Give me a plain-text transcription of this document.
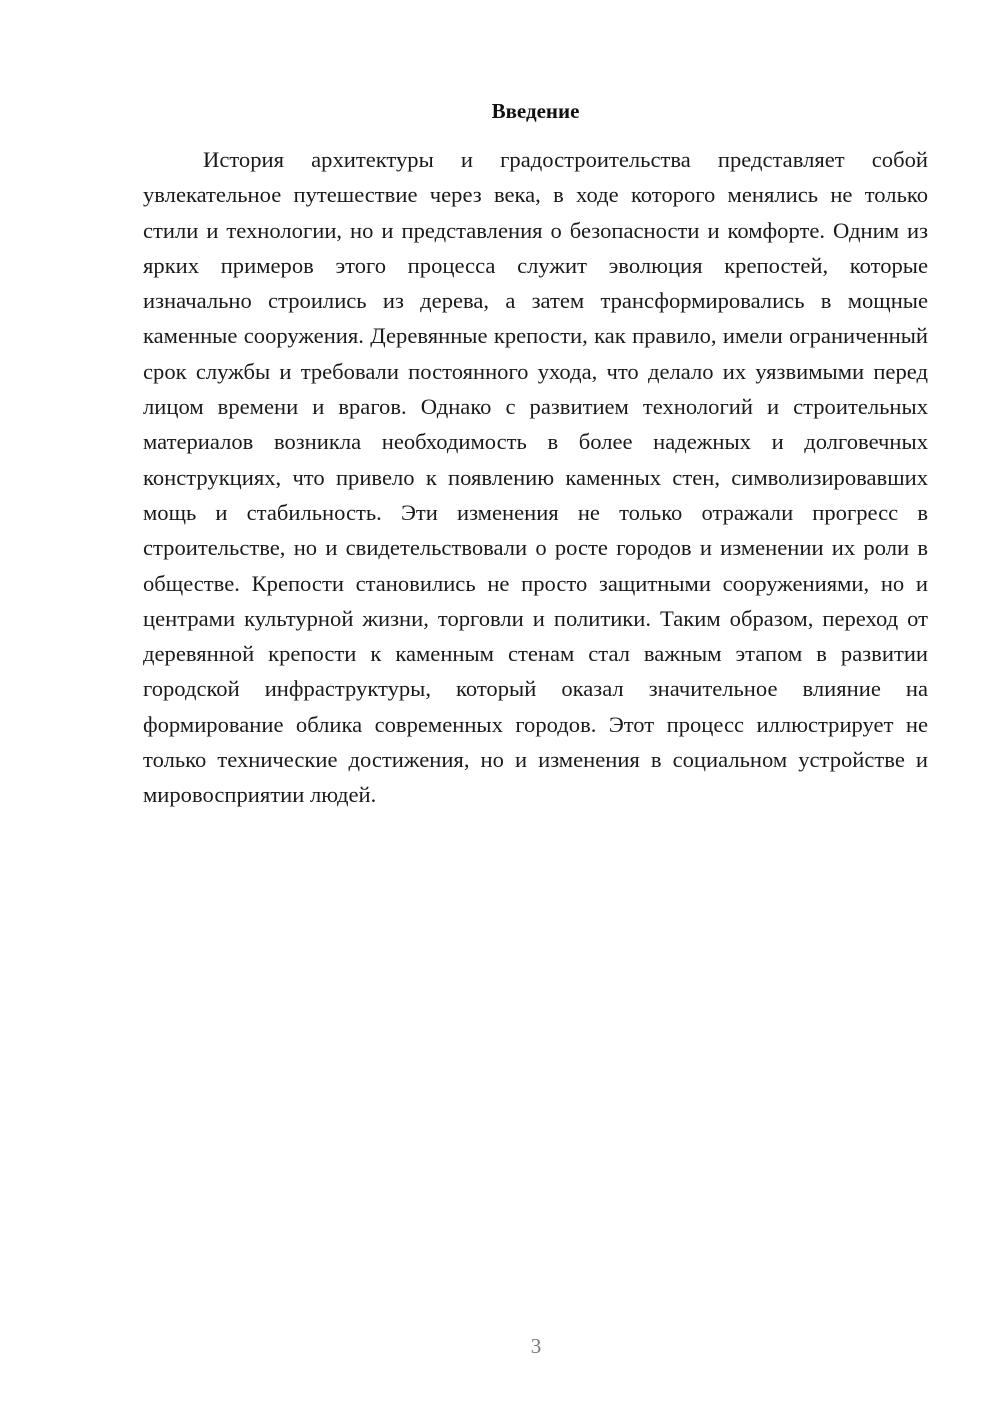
Введение

История архитектуры и градостроительства представляет собой увлекательное путешествие через века, в ходе которого менялись не только стили и технологии, но и представления о безопасности и комфорте. Одним из ярких примеров этого процесса служит эволюция крепостей, которые изначально строились из дерева, а затем трансформировались в мощные каменные сооружения. Деревянные крепости, как правило, имели ограниченный срок службы и требовали постоянного ухода, что делало их уязвимыми перед лицом времени и врагов. Однако с развитием технологий и строительных материалов возникла необходимость в более надежных и долговечных конструкциях, что привело к появлению каменных стен, символизировавших мощь и стабильность. Эти изменения не только отражали прогресс в строительстве, но и свидетельствовали о росте городов и изменении их роли в обществе. Крепости становились не просто защитными сооружениями, но и центрами культурной жизни, торговли и политики. Таким образом, переход от деревянной крепости к каменным стенам стал важным этапом в развитии городской инфраструктуры, который оказал значительное влияние на формирование облика современных городов. Этот процесс иллюстрирует не только технические достижения, но и изменения в социальном устройстве и мировосприятии людей.

3
